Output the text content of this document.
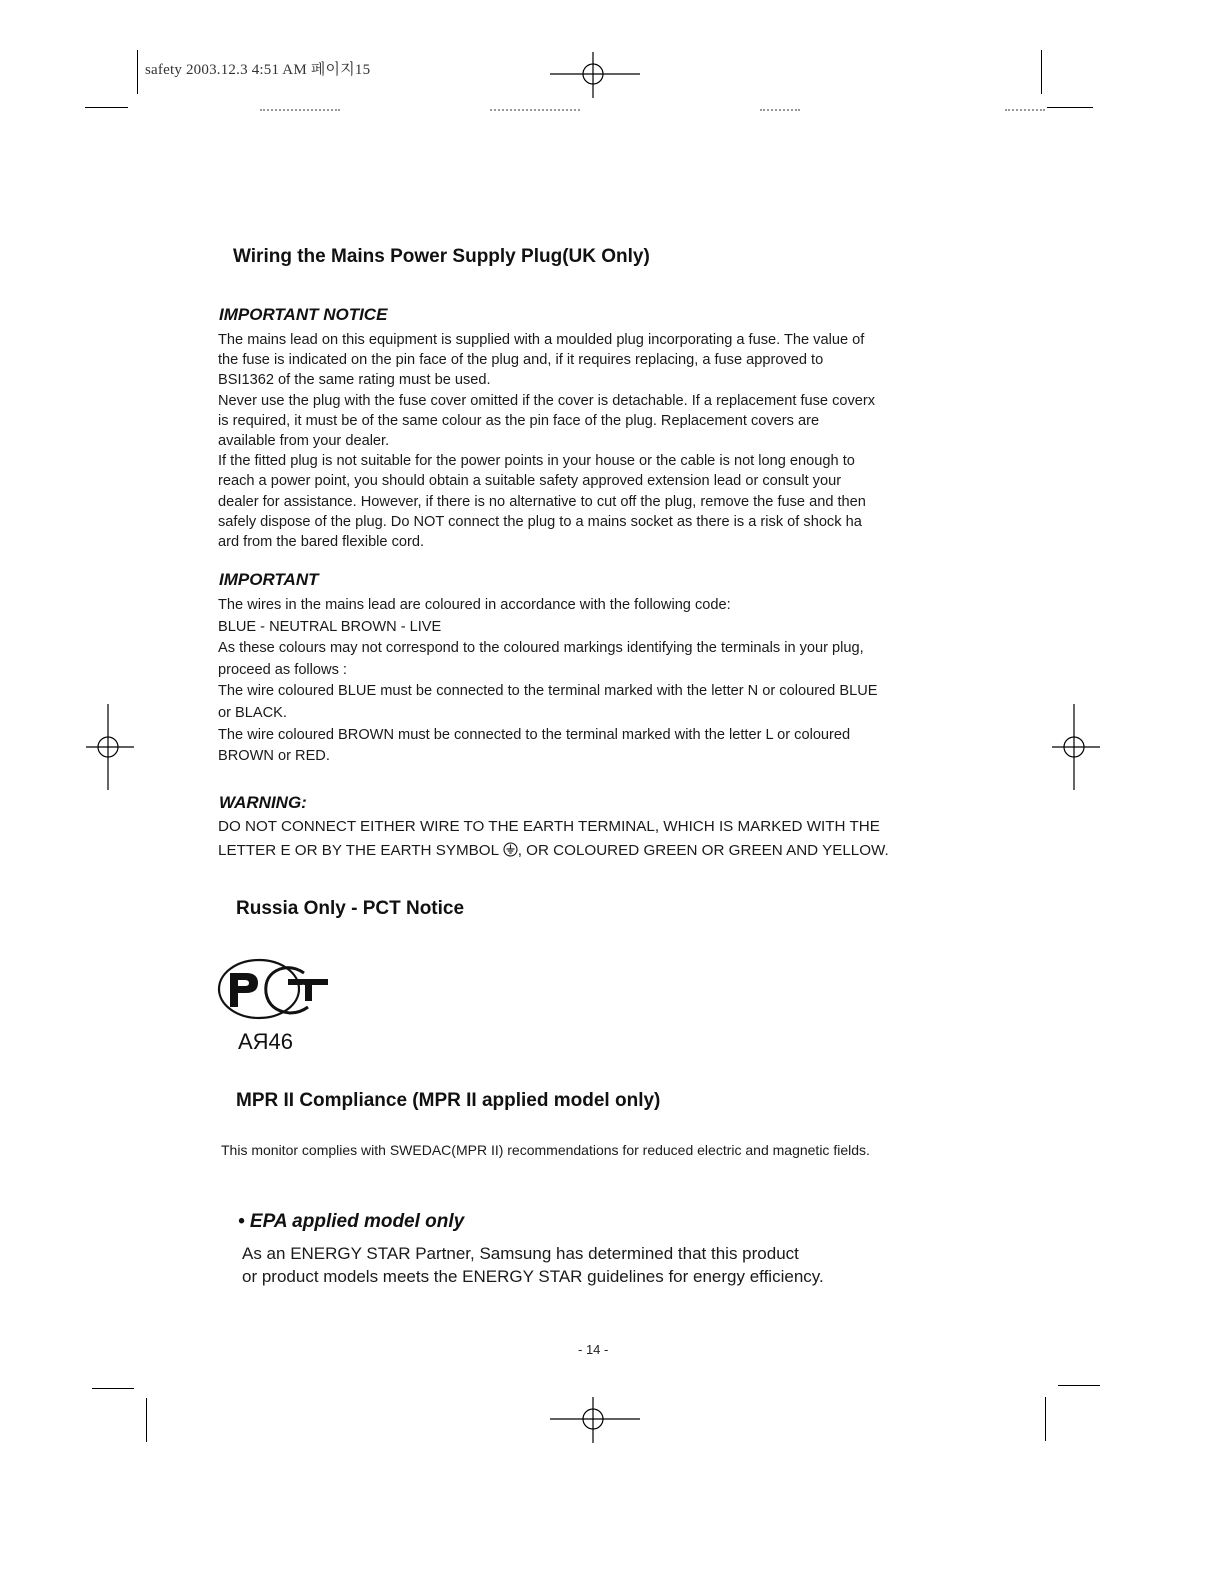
safety 2003.12.3 4:51 AM 페이지15
Wiring the Mains Power Supply Plug(UK Only)
IMPORTANT NOTICE
The mains lead on this equipment is supplied with a moulded plug incorporating a fuse. The value of
the fuse is indicated on the pin face of the plug and, if it requires replacing, a fuse approved to
BSI1362 of the same rating must be used.
Never use the plug with the fuse cover omitted if the cover is detachable. If a replacement fuse coverx
is required, it must be of the same colour as the pin face of the plug. Replacement covers are
available from your dealer.
If the fitted plug is not suitable for the power points in your house or the cable is not long enough to
reach a power point, you should obtain a suitable safety approved extension lead or consult your
dealer for assistance. However, if there is no alternative to cut off the plug, remove the fuse and then
safely dispose of the plug. Do NOT connect the plug to a mains socket as there is a risk of shock ha
ard from the bared flexible cord.
IMPORTANT
The wires in the mains lead are coloured in accordance with the following code:
BLUE - NEUTRAL BROWN - LIVE
As these colours may not correspond to the coloured markings identifying the terminals in your plug,
proceed as follows :
The wire coloured BLUE must be connected to the terminal marked with the letter N or coloured BLUE
or BLACK.
The wire coloured BROWN must be connected to the terminal marked with the letter L or coloured
BROWN or RED.
WARNING:
DO NOT CONNECT EITHER WIRE TO THE EARTH TERMINAL, WHICH IS MARKED WITH THE
LETTER E OR BY THE EARTH SYMBOL , OR COLOURED GREEN OR GREEN AND YELLOW.
Russia Only - PCT Notice
PCT
AЯ46
MPR II Compliance (MPR II applied model only)
This monitor complies with SWEDAC(MPR II) recommendations for reduced electric and magnetic fields.
• EPA applied model only
As an ENERGY STAR Partner, Samsung has determined that this product
or product models meets the ENERGY STAR guidelines for energy efficiency.
- 14 -
